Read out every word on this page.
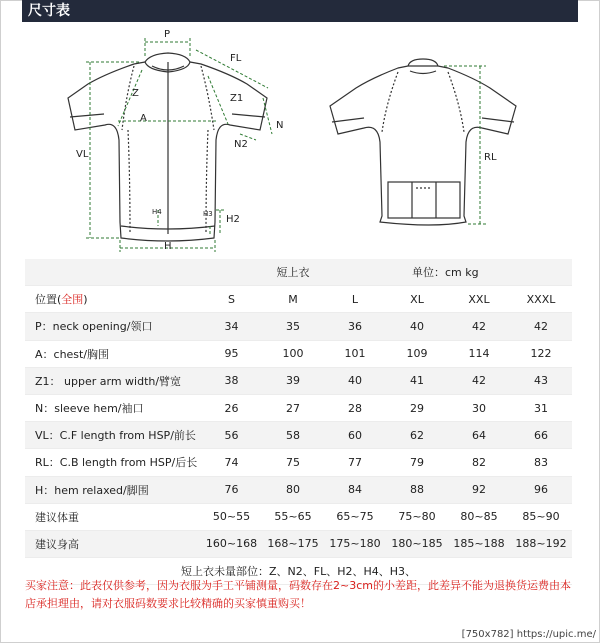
尺寸表
P
FL
Z	Z1
A
N
N2
VL
H4	H3 H2
H
RL
		短上衣		单位：cm kg		
位置(全围)	S	M	L	XL	XXL	XXXL
P：neck opening/领口	34	35	36	40	42	42
A：chest/胸围	95	100	101	109	114	122
Z1： upper arm width/臂宽	38	39	40	41	42	43
N：sleeve hem/袖口	26	27	28	29	30	31
VL：C.F length from HSP/前长	56	58	60	62	64	66
RL：C.B length from HSP/后长	74	75	77	79	82	83
H：hem relaxed/脚围	76	80	84	88	92	96
建议体重	50~55	55~65	65~75	75~80	80~85	85~90
建议身高	160~168	168~175	175~180	180~185	185~188	188~192
短上衣未量部位：Z、N2、FL、H2、H4、H3、						
买家注意：此表仅供参考，因为衣服为手工平铺测量，码数存在2~3cm的小差距，此差异不能为退换货运费由本店承担理由，请对衣服码数要求比较精确的买家慎重购买！
[750x782] https://upic.me/
